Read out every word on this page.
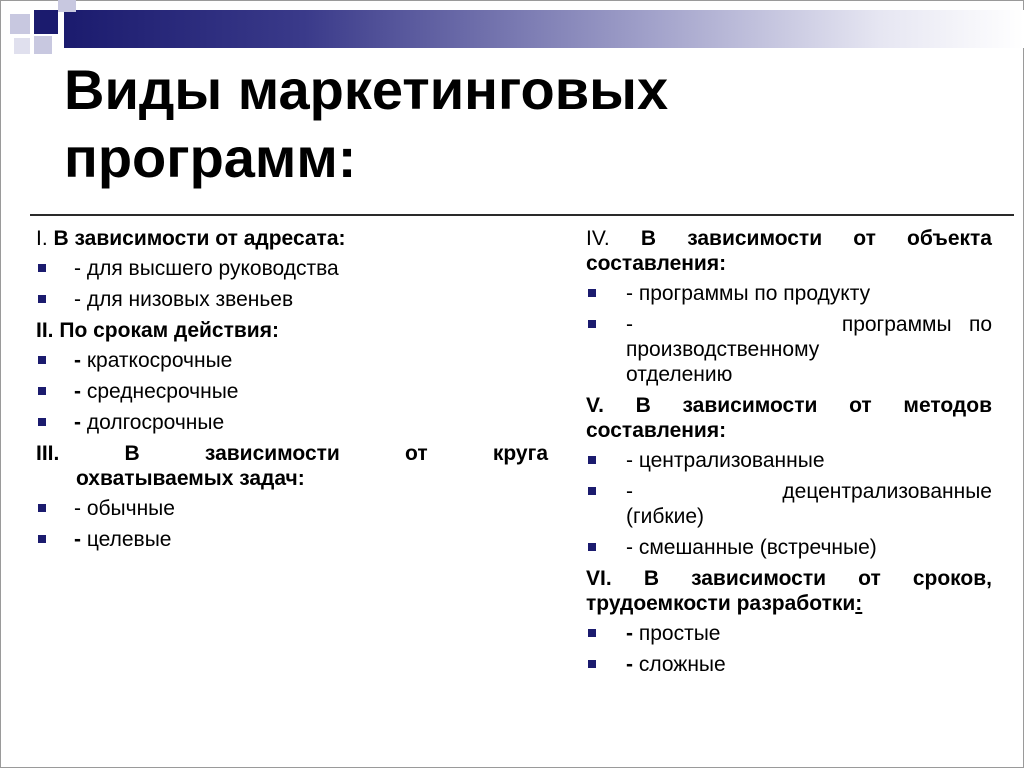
Виды маркетинговых программ:
I. В зависимости от адресата:
- для высшего руководства
- для низовых звеньев
II. По срокам действия:
- краткосрочные
- среднесрочные
- долгосрочные
III.	В зависимости от круга
охватываемых задач:
- обычные
- целевые
IV. В зависимости от объекта
составления:
- программы по продукту
-	программы по
производственному
отделению
V. В зависимости от методов
составления:
- централизованные
-	децентрализованные
(гибкие)
- смешанные (встречные)
VI. В зависимости от сроков,
трудоемкости разработки:
- простые
- сложные
